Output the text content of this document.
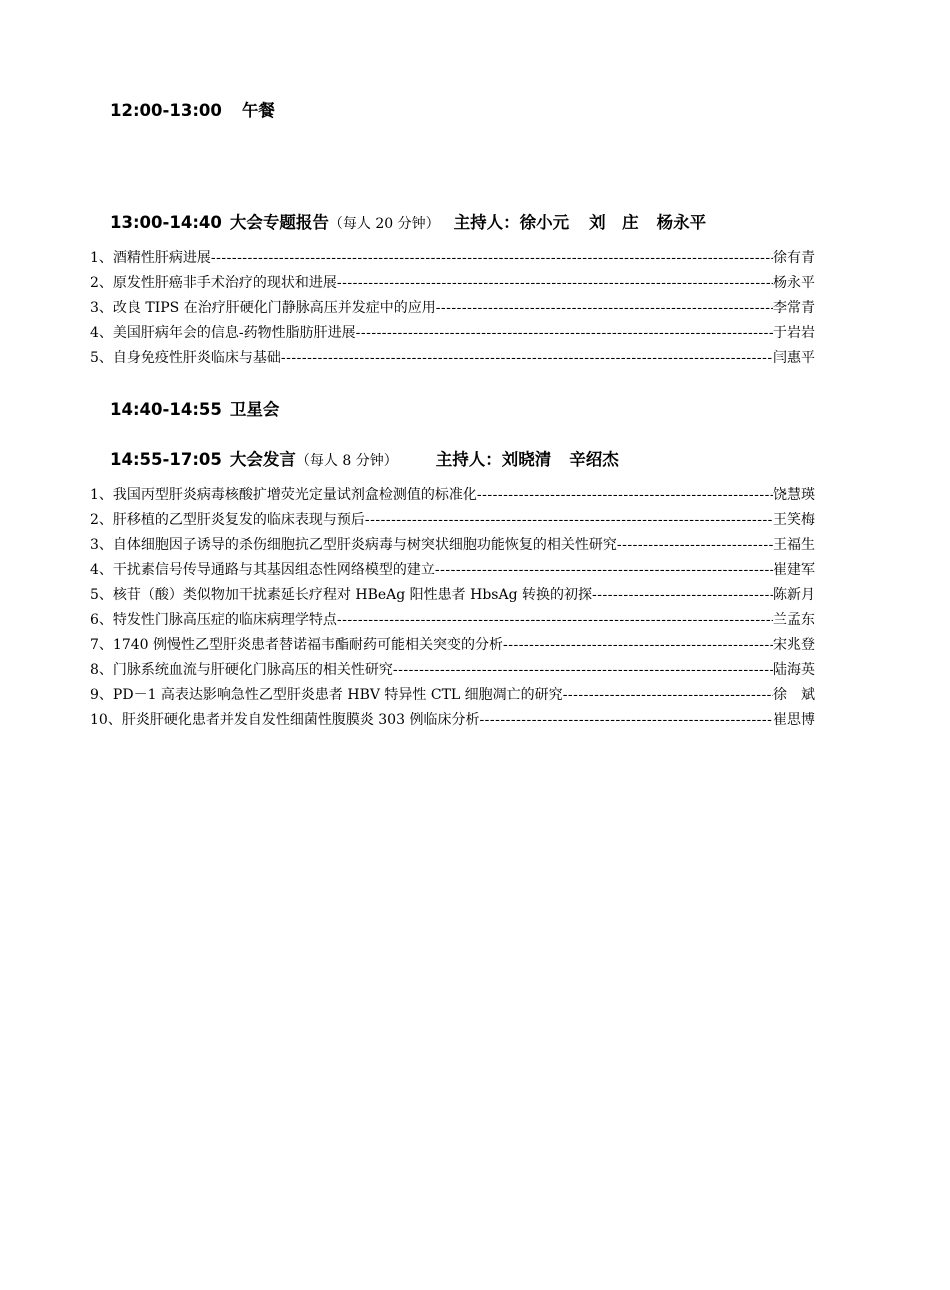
12:00-13:00 午餐
13:00-14:40 大会专题报告（每人 20 分钟） 主持人：徐小元 刘　庄 杨永平
1、酒精性肝病进展 -----	徐有青
2、原发性肝癌非手术治疗的现状和进展 -----	杨永平
3、改良 TIPS 在治疗肝硬化门静脉高压并发症中的应用 -----	李常青
4、美国肝病年会的信息-药物性脂肪肝进展 -----	于岩岩
5、自身免疫性肝炎临床与基础 -----	闫惠平
14:40-14:55 卫星会
14:55-17:05 大会发言（每人 8 分钟） 主持人：刘晓清 辛绍杰
1、我国丙型肝炎病毒核酸扩增荧光定量试剂盒检测值的标准化 -----	饶慧瑛
2、肝移植的乙型肝炎复发的临床表现与预后 -----	王笑梅
3、自体细胞因子诱导的杀伤细胞抗乙型肝炎病毒与树突状细胞功能恢复的相关性研究 -----	王福生
4、干扰素信号传导通路与其基因组态性网络模型的建立 -----	崔建军
5、核苷（酸）类似物加干扰素延长疗程对 HBeAg 阳性患者 HbsAg 转换的初探 -----	陈新月
6、特发性门脉高压症的临床病理学特点 -----	兰孟东
7、1740 例慢性乙型肝炎患者替诺福韦酯耐药可能相关突变的分析 -----	宋兆登
8、门脉系统血流与肝硬化门脉高压的相关性研究 -----	陆海英
9、PD－1 高表达影响急性乙型肝炎患者 HBV 特异性 CTL 细胞凋亡的研究 -----	徐　斌
10、肝炎肝硬化患者并发自发性细菌性腹膜炎 303 例临床分析 -----	崔思博
